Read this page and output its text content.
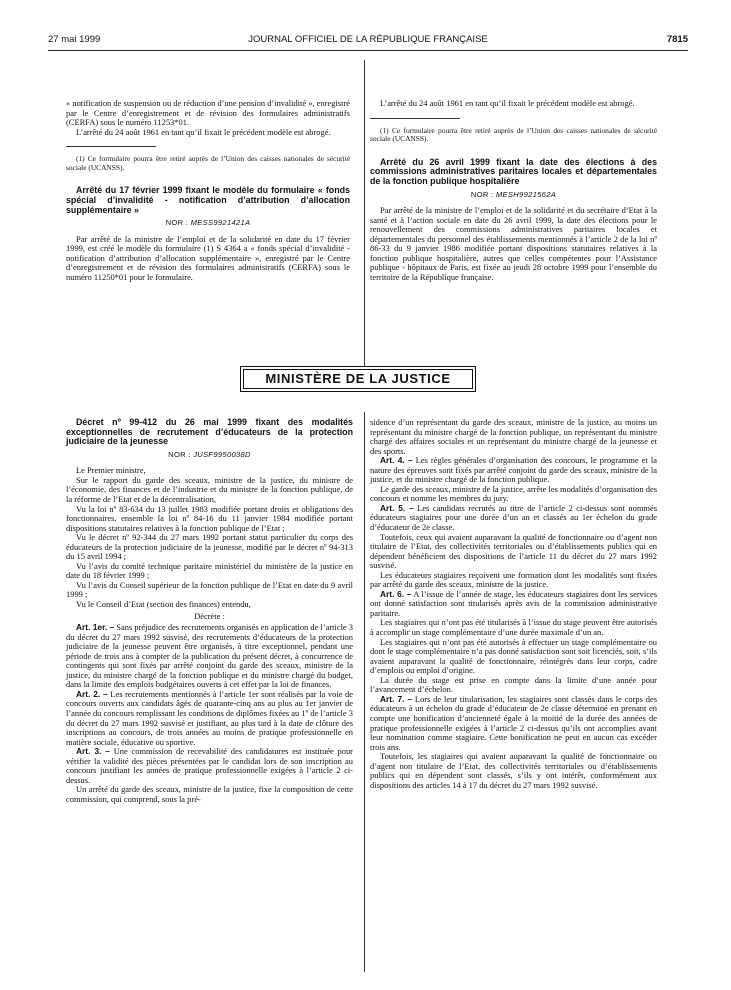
27 mai 1999	JOURNAL OFFICIEL DE LA RÉPUBLIQUE FRANÇAISE	7815

« notification de suspension ou de réduction d’une pension d’invalidité », enregistré par le Centre d’enregistrement et de révision des formulaires administratifs (CERFA) sous le numéro 11253*01.

L’arrêté du 24 août 1961 en tant qu’il fixait le précédent modèle est abrogé.

(1) Ce formulaire pourra être retiré auprès de l’Union des caisses nationales de sécurité sociale (UCANSS).

Arrêté du 17 février 1999 fixant le modèle du formulaire « fonds spécial d’invalidité - notification d’attribution d’allocation supplémentaire »
NOR : MESS9921421A

Par arrêté de la ministre de l’emploi et de la solidarité en date du 17 février 1999, est créé le modèle du formulaire (1) S 4364 a « fonds spécial d’invalidité - notification d’attribution d’allocation supplémentaire », enregistré par le Centre d’enregistrement et de révision des formulaires administratifs (CERFA) sous le numéro 11250*01 pour le formulaire.

L’arrêté du 24 août 1961 en tant qu’il fixait le précédent modèle est abrogé.

(1) Ce formulaire pourra être retiré auprès de l’Union des caisses nationales de sécurité sociale (UCANSS).

Arrêté du 26 avril 1999 fixant la date des élections à des commissions administratives paritaires locales et départementales de la fonction publique hospitalière
NOR : MESH9921562A

Par arrêté de la ministre de l’emploi et de la solidarité et du secrétaire d’Etat à la santé et à l’action sociale en date du 26 avril 1999, la date des élections pour le renouvellement des commissions administratives paritaires locales et départementales du personnel des établissements mentionnés à l’article 2 de la loi nº 86-33 du 9 janvier 1986 modifiée portant dispositions statutaires relatives à la fonction publique hospitalière, autres que celles compétentes pour l’Assistance publique - hôpitaux de Paris, est fixée au jeudi 28 octobre 1999 pour l’ensemble du territoire de la République française.

MINISTÈRE DE LA JUSTICE
Décret nº 99-412 du 26 mai 1999 fixant des modalités exceptionnelles de recrutement d’éducateurs de la protection judiciaire de la jeunesse
NOR : JUSF9950038D

Le Premier ministre,

Sur le rapport du garde des sceaux, ministre de la justice, du ministre de l’économie, des finances et de l’industrie et du ministre de la fonction publique, de la réforme de l’Etat et de la décentralisation,

Vu la loi nº 83-634 du 13 juillet 1983 modifiée portant droits et obligations des fonctionnaires, ensemble la loi nº 84-16 du 11 janvier 1984 modifiée portant dispositions statutaires relatives à la fonction publique de l’Etat ;

Vu le décret nº 92-344 du 27 mars 1992 portant statut particulier du corps des éducateurs de la protection judiciaire de la jeunesse, modifié par le décret nº 94-313 du 15 avril 1994 ;

Vu l’avis du comité technique paritaire ministériel du ministère de la justice en date du 18 février 1999 ;

Vu l’avis du Conseil supérieur de la fonction publique de l’Etat en date du 9 avril 1999 ;

Vu le Conseil d’Etat (section des finances) entendu,

Décrète :

Art. 1er. – Sans préjudice des recrutements organisés en application de l’article 3 du décret du 27 mars 1992 susvisé, des recrutements d’éducateurs de la protection judiciaire de la jeunesse peuvent être organisés, à titre exceptionnel, pendant une période de trois ans à compter de la publication du présent décret, à concurrence de contingents qui sont fixés par arrêté conjoint du garde des sceaux, ministre de la justice, du ministre chargé de la fonction publique et du ministre chargé du budget, dans la limite des emplois budgétaires ouverts à cet effet par la loi de finances.

Art. 2. – Les recrutements mentionnés à l’article 1er sont réalisés par la voie de concours ouverts aux candidats âgés de quarante-cinq ans au plus au 1er janvier de l’année du concours remplissant les conditions de diplômes fixées au 1º de l’article 3 du décret du 27 mars 1992 susvisé et justifiant, au plus tard à la date de clôture des inscriptions au concours, de trois années au moins de pratique professionnelle en matière sociale, éducative ou sportive.

Art. 3. – Une commission de recevabilité des candidatures est instituée pour vérifier la validité des pièces présentées par le candidat lors de son inscription au concours justifiant les années de pratique professionnelle exigées à l’article 2 ci-dessus.

Un arrêté du garde des sceaux, ministre de la justice, fixe la composition de cette commission, qui comprend, sous la pré-

sidence d’un représentant du garde des sceaux, ministre de la justice, au moins un représentant du ministre chargé de la fonction publique, un représentant du ministre chargé des affaires sociales et un représentant du ministre chargé de la jeunesse et des sports.

Art. 4. – Les règles générales d’organisation des concours, le programme et la nature des épreuves sont fixés par arrêté conjoint du garde des sceaux, ministre de la justice, et du ministre chargé de la fonction publique.

Le garde des sceaux, ministre de la justice, arrête les modalités d’organisation des concours et nomme les membres du jury.

Art. 5. – Les candidats recrutés au titre de l’article 2 ci-dessus sont nommés éducateurs stagiaires pour une durée d’un an et classés au 1er échelon du grade d’éducateur de 2e classe.

Toutefois, ceux qui avaient auparavant la qualité de fonctionnaire ou d’agent non titulaire de l’Etat, des collectivités territoriales ou d’établissements publics qui en dépendent bénéficient des dispositions de l’article 11 du décret du 27 mars 1992 susvisé.

Les éducateurs stagiaires reçoivent une formation dont les modalités sont fixées par arrêté du garde des sceaux, ministre de la justice.

Art. 6. – A l’issue de l’année de stage, les éducateurs stagiaires dont les services ont donné satisfaction sont titularisés après avis de la commission administrative paritaire.

Les stagiaires qui n’ont pas été titularisés à l’issue du stage peuvent être autorisés à accomplir un stage complémentaire d’une durée maximale d’un an.

Les stagiaires qui n’ont pas été autorisés à effectuer un stage complémentaire ou dont le stage complémentaire n’a pas donné satisfaction sont soit licenciés, soit, s’ils avaient auparavant la qualité de fonctionnaire, réintégrés dans leur corps, cadre d’emplois ou emploi d’origine.

La durée du stage est prise en compte dans la limite d’une année pour l’avancement d’échelon.

Art. 7. – Lors de leur titularisation, les stagiaires sont classés dans le corps des éducateurs à un échelon du grade d’éducateur de 2e classe déterminé en prenant en compte une bonification d’ancienneté égale à la moitié de la durée des années de pratique professionnelle exigées à l’article 2 ci-dessus qu’ils ont accomplies avant leur nomination comme stagiaire. Cette bonification ne peut en aucun cas excéder trois ans.

Toutefois, les stagiaires qui avaient auparavant la qualité de fonctionnaire ou d’agent non titulaire de l’Etat, des collectivités territoriales ou d’établissements publics qui en dépendent sont classés, s’ils y ont intérêt, conformément aux dispositions des articles 14 à 17 du décret du 27 mars 1992 susvisé.
